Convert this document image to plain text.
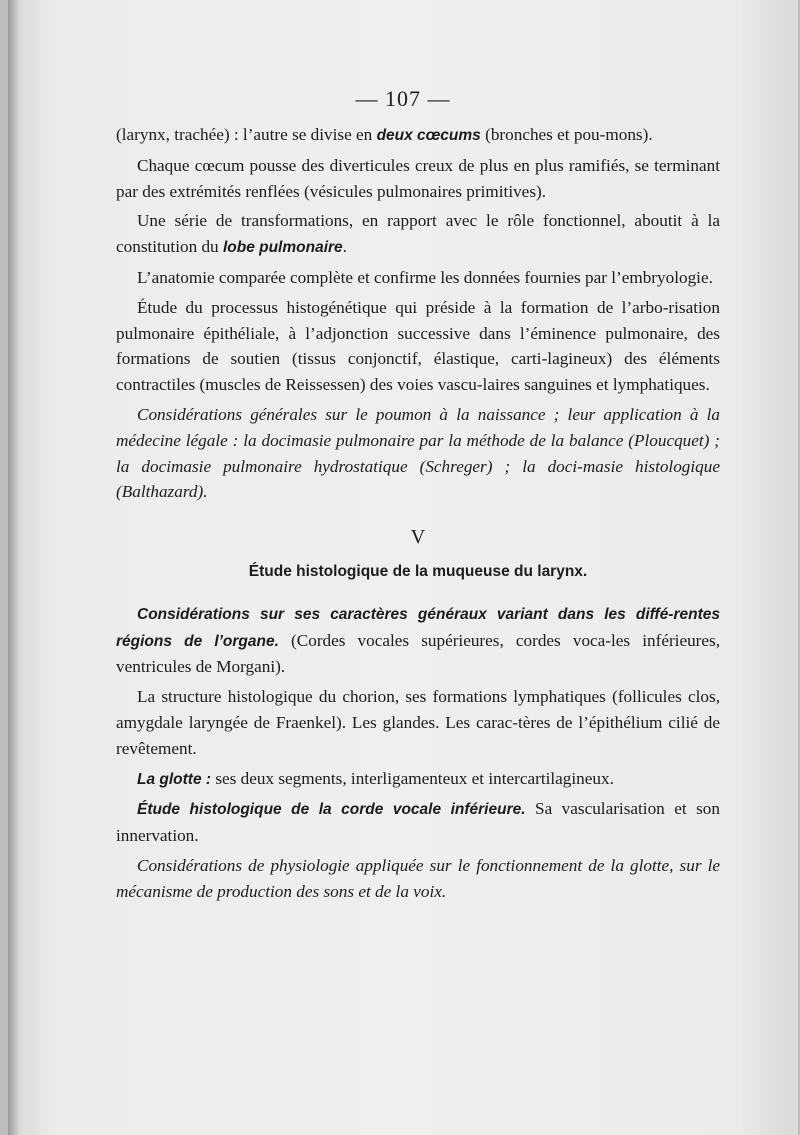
— 107 —

(larynx, trachée) : l’autre se divise en deux cœcums (bronches et pou-mons).

Chaque cœcum pousse des diverticules creux de plus en plus ramifiés, se terminant par des extrémités renflées (vésicules pulmonaires primitives).

Une série de transformations, en rapport avec le rôle fonctionnel, aboutit à la constitution du lobe pulmonaire.

L’anatomie comparée complète et confirme les données fournies par l’embryologie.

Étude du processus histogénétique qui préside à la formation de l’arbo-risation pulmonaire épithéliale, à l’adjonction successive dans l’éminence pulmonaire, des formations de soutien (tissus conjonctif, élastique, carti-lagineux) des éléments contractiles (muscles de Reissessen) des voies vascu-laires sanguines et lymphatiques.

Considérations générales sur le poumon à la naissance ; leur application à la médecine légale : la docimasie pulmonaire par la méthode de la balance (Ploucquet) ; la docimasie pulmonaire hydrostatique (Schreger) ; la doci-masie histologique (Balthazard).

V

Étude histologique de la muqueuse du larynx.

Considérations sur ses caractères généraux variant dans les diffé-rentes régions de l’organe. (Cordes vocales supérieures, cordes voca-les inférieures, ventricules de Morgani).

La structure histologique du chorion, ses formations lymphatiques (follicules clos, amygdale laryngée de Fraenkel). Les glandes. Les carac-tères de l’épithélium cilié de revêtement.

La glotte : ses deux segments, interligamenteux et intercartilagineux.

Étude histologique de la corde vocale inférieure. Sa vascularisation et son innervation.

Considérations de physiologie appliquée sur le fonctionnement de la glotte, sur le mécanisme de production des sons et de la voix.
